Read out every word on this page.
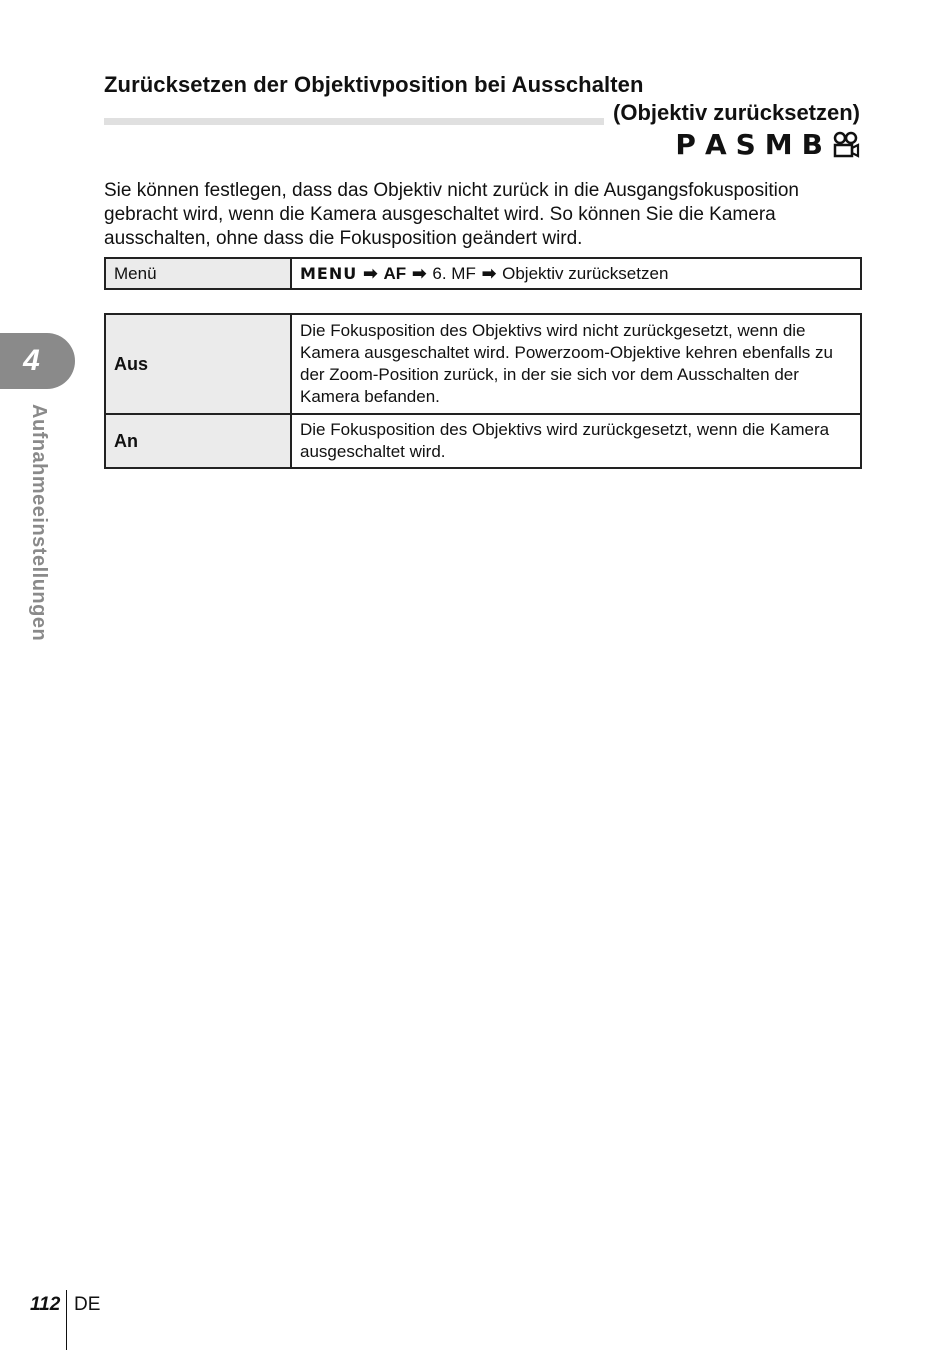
Zurücksetzen der Objektivposition bei Ausschalten
(Objektiv zurücksetzen)
P A S M B
Sie können festlegen, dass das Objektiv nicht zurück in die Ausgangsfokusposition gebracht wird, wenn die Kamera ausgeschaltet wird. So können Sie die Kamera ausschalten, ohne dass die Fokusposition geändert wird.
Menü	MENU ➡ AF ➡ 6. MF ➡ Objektiv zurücksetzen
Aus	Die Fokusposition des Objektivs wird nicht zurückgesetzt, wenn die Kamera ausgeschaltet wird. Powerzoom-Objektive kehren ebenfalls zu der Zoom-Position zurück, in der sie sich vor dem Ausschalten der Kamera befanden.
An	Die Fokusposition des Objektivs wird zurückgesetzt, wenn die Kamera ausgeschaltet wird.
4
Aufnahmeeinstellungen
112 DE
